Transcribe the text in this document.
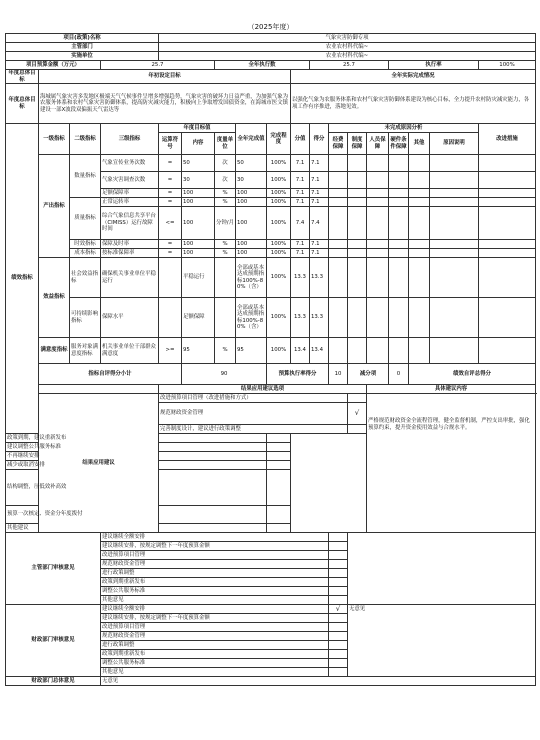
（2025年度）																		
项目(政策)名称				气象灾害防御专项														
主管部门				农业农村科代编~														
实施单位				农业农村科代编~														
项目预算金额（万元）			25.7			全年执行数				25.7				执行率			100%	
年度总体目标	年初设定目标								全年实际完成情况									
年度总体目标	海城属气象灾害多发地区极端天气气候事件呈增多增强趋势，气象灾害的破坏力日益严重，为加强气象为农服务体系和农村气象灾害防御体系，提高防灾减灾能力，积极向上争取增发国债资金，在海城市医文镇建设一部X波段双偏振天气雷达等								以强化气象为农服务体系和农村气象灾害防御体系建设为核心目标，全力提升农村防灾减灾能力，各项工作有序推进，落地见效。									
绩效指标	一级指标	二级指标	三级指标	年度目标值			全年完成值	完成程度	分值	得分	未完成原因分析						改进措施	
				运算符号	内容	度量单位					经费保障	制度保障	人员保障	硬件条件保障	其他	原因说明		
	产出指标	数量指标	气象宣传业务次数	=	50	次	50	100%	7.1	7.1								
			气象灾害调查次数	=	30	次	30	100%	7.1	7.1								
			足额保障率	=	100	%	100	100%	7.1	7.1								
		质量指标	正常运转率	=	100	%	100	100%	7.1	7.1								
			综合气象信息共享平台（CIMISS）运行故障时间	<=	100	分钟/月	100	100%	7.4	7.4								
		时效指标	保障及时率	=	100	%	100	100%	7.1	7.1								
		成本指标	按标准保障率	=	100	%	100	100%	7.1	7.1								
	效益指标	社会效益指标	确保机关事业单位平稳运行		平稳运行		全部或基本达成预期指标100%-80%（含）	100%	13.3	13.3								
		可持续影响指标	保障水平		足额保障		全部或基本达成预期指标100%-80%（含）	100%	13.3	13.3								
	满意度指标	服务对象满意度指标	机关事业单位干部群众满意度	>=	95	%	95	100%	13.4	13.4								
	指标自评得分小计				90			预算执行率得分			10	减分项		0	绩效自评总得分	
				结果应用建议选项									具体建议内容					
	结果应用建议			改进预算项目管理（改进措施和方式）									严格规范财政资金全流程管理，健全监督机制，严控支出审批，强化预算约束，提升资金使用效益与合规水平。					
				规范财政资金管理								√						
				完善制度设计，建议进行政策调整														
政策到期，建议重新发布																		
建议调整公共服务标准																		
不再继续安排																		
减少或取消安排																		
结构调整，压低效补高效																		
预算一次核定、资金分年度拨付																		
其他建议																		
主管部门审核意见			建议继续全额安排															
			建议继续安排，按规定调整下一年度预算金额															
			改进预算项目管理															
			规范财政资金管理															
			进行政策调整															
			政策到期重新发布															
			调整公共服务标准															
			其他意见															
财政部门审核意见			建议继续全额安排								√	无意见						
			建议继续安排，按规定调整下一年度预算金额															
			改进预算项目管理															
			规范财政资金管理															
			进行政策调整															
			政策到期重新发布															
			调整公共服务标准															
			其他意见															
财政部门总体意见			无意见															
